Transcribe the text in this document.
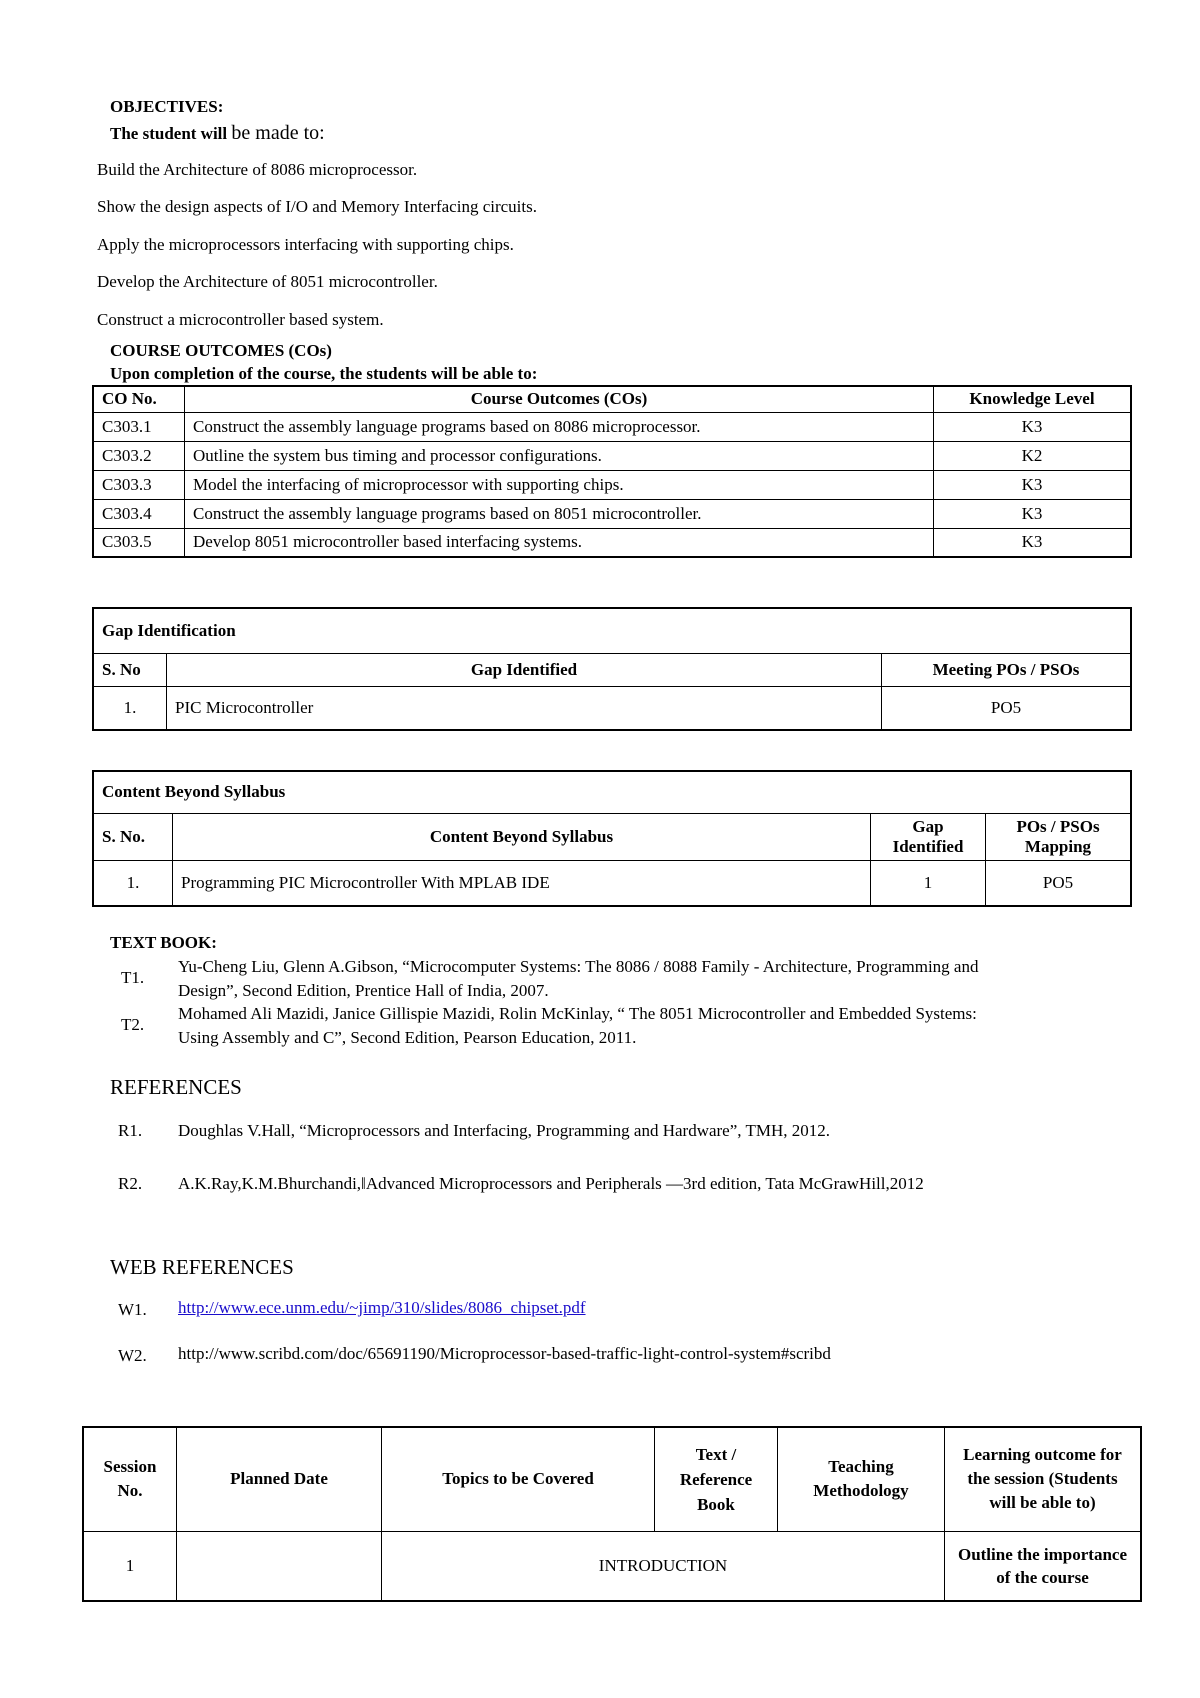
OBJECTIVES:
The student will be made to:
Build the Architecture of 8086 microprocessor.
Show the design aspects of I/O and Memory Interfacing circuits.
Apply the microprocessors interfacing with supporting chips.
Develop the Architecture of 8051 microcontroller.
Construct a microcontroller based system.
COURSE OUTCOMES (COs)
Upon completion of the course, the students will be able to:
CO No.	Course Outcomes (COs)	Knowledge Level
C303.1	Construct the assembly language programs based on 8086 microprocessor.	K3
C303.2	Outline the system bus timing and processor configurations.	K2
C303.3	Model the interfacing of microprocessor with supporting chips.	K3
C303.4	Construct the assembly language programs based on 8051 microcontroller.	K3
C303.5	Develop 8051 microcontroller based interfacing systems.	K3
Gap Identification		
S. No	Gap Identified	Meeting POs / PSOs
1.	PIC Microcontroller	PO5
Content Beyond Syllabus			
S. No.	Content Beyond Syllabus	Gap Identified	POs / PSOs Mapping
1.	Programming PIC Microcontroller With MPLAB IDE	1	PO5
TEXT BOOK:
T1.
Yu-Cheng Liu, Glenn A.Gibson, “Microcomputer Systems: The 8086 / 8088 Family - Architecture, Programming and
Design”, Second Edition, Prentice Hall of India, 2007.
T2.
Mohamed Ali Mazidi, Janice Gillispie Mazidi, Rolin McKinlay, “ The 8051 Microcontroller and Embedded Systems:
Using Assembly and C”, Second Edition, Pearson Education, 2011.
REFERENCES
R1. Doughlas V.Hall, “Microprocessors and Interfacing, Programming and Hardware”, TMH, 2012.
R2. A.K.Ray,K.M.Bhurchandi,‖Advanced Microprocessors and Peripherals —3rd edition, Tata McGrawHill,2012
WEB REFERENCES
W1. http://www.ece.unm.edu/~jimp/310/slides/8086_chipset.pdf
W2. http://www.scribd.com/doc/65691190/Microprocessor-based-traffic-light-control-system#scribd
Session No.	Planned Date	Topics to be Covered	Text / Reference Book	Teaching Methodology	Learning outcome for the session (Students will be able to)
1		INTRODUCTION			Outline the importance of the course
